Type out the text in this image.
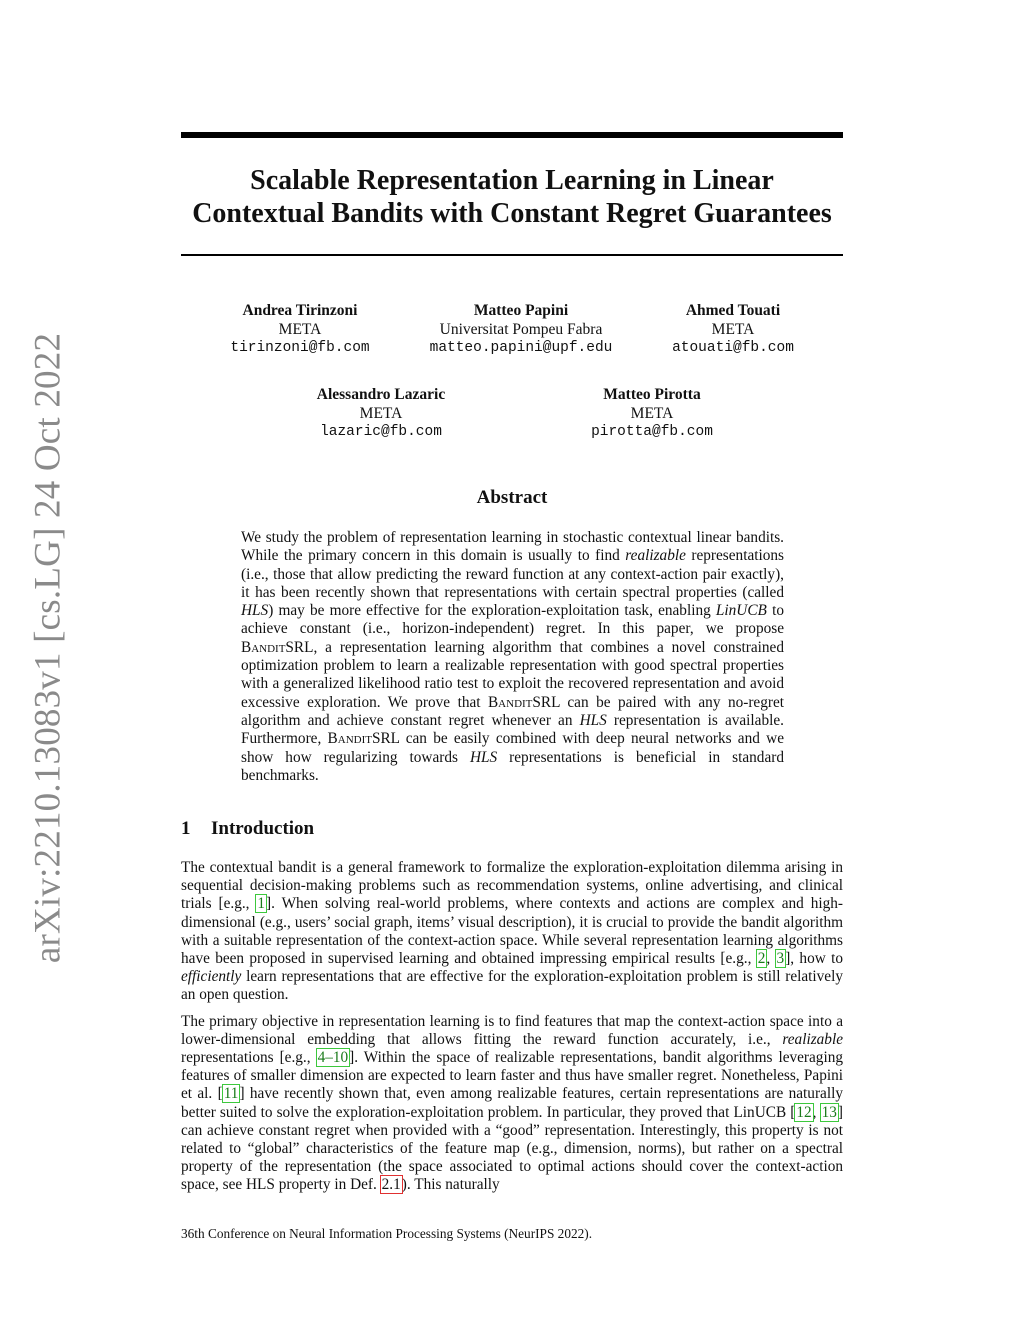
arXiv:2210.13083v1 [cs.LG] 24 Oct 2022
Scalable Representation Learning in Linear
Contextual Bandits with Constant Regret Guarantees
Andrea Tirinzoni
META
tirinzoni@fb.com
Matteo Papini
Universitat Pompeu Fabra
matteo.papini@upf.edu
Ahmed Touati
META
atouati@fb.com
Alessandro Lazaric
META
lazaric@fb.com
Matteo Pirotta
META
pirotta@fb.com
Abstract

We study the problem of representation learning in stochastic contextual linear bandits. While the primary concern in this domain is usually to find realizable representations (i.e., those that allow predicting the reward function at any context-action pair exactly), it has been recently shown that representations with certain spectral properties (called HLS) may be more effective for the exploration-exploitation task, enabling LinUCB to achieve constant (i.e., horizon-independent) regret. In this paper, we propose BanditSRL, a representation learning algorithm that combines a novel constrained optimization problem to learn a realizable representation with good spectral properties with a generalized likelihood ratio test to exploit the recovered representation and avoid excessive exploration. We prove that BanditSRL can be paired with any no-regret algorithm and achieve constant regret whenever an HLS representation is available. Furthermore, BanditSRL can be easily combined with deep neural networks and we show how regularizing towards HLS representations is beneficial in standard benchmarks.

1 Introduction

The contextual bandit is a general framework to formalize the exploration-exploitation dilemma arising in sequential decision-making problems such as recommendation systems, online advertising, and clinical trials [e.g., 1]. When solving real-world problems, where contexts and actions are complex and high-dimensional (e.g., users’ social graph, items’ visual description), it is crucial to provide the bandit algorithm with a suitable representation of the context-action space. While several representation learning algorithms have been proposed in supervised learning and obtained impressing empirical results [e.g., 2, 3], how to efficiently learn representations that are effective for the exploration-exploitation problem is still relatively an open question.

The primary objective in representation learning is to find features that map the context-action space into a lower-dimensional embedding that allows fitting the reward function accurately, i.e., realizable representations [e.g., 4–10]. Within the space of realizable representations, bandit algorithms leveraging features of smaller dimension are expected to learn faster and thus have smaller regret. Nonetheless, Papini et al. [11] have recently shown that, even among realizable features, certain representations are naturally better suited to solve the exploration-exploitation problem. In particular, they proved that LinUCB [12, 13] can achieve constant regret when provided with a “good” representation. Interestingly, this property is not related to “global” characteristics of the feature map (e.g., dimension, norms), but rather on a spectral property of the representation (the space associated to optimal actions should cover the context-action space, see HLS property in Def. 2.1). This naturally

36th Conference on Neural Information Processing Systems (NeurIPS 2022).
